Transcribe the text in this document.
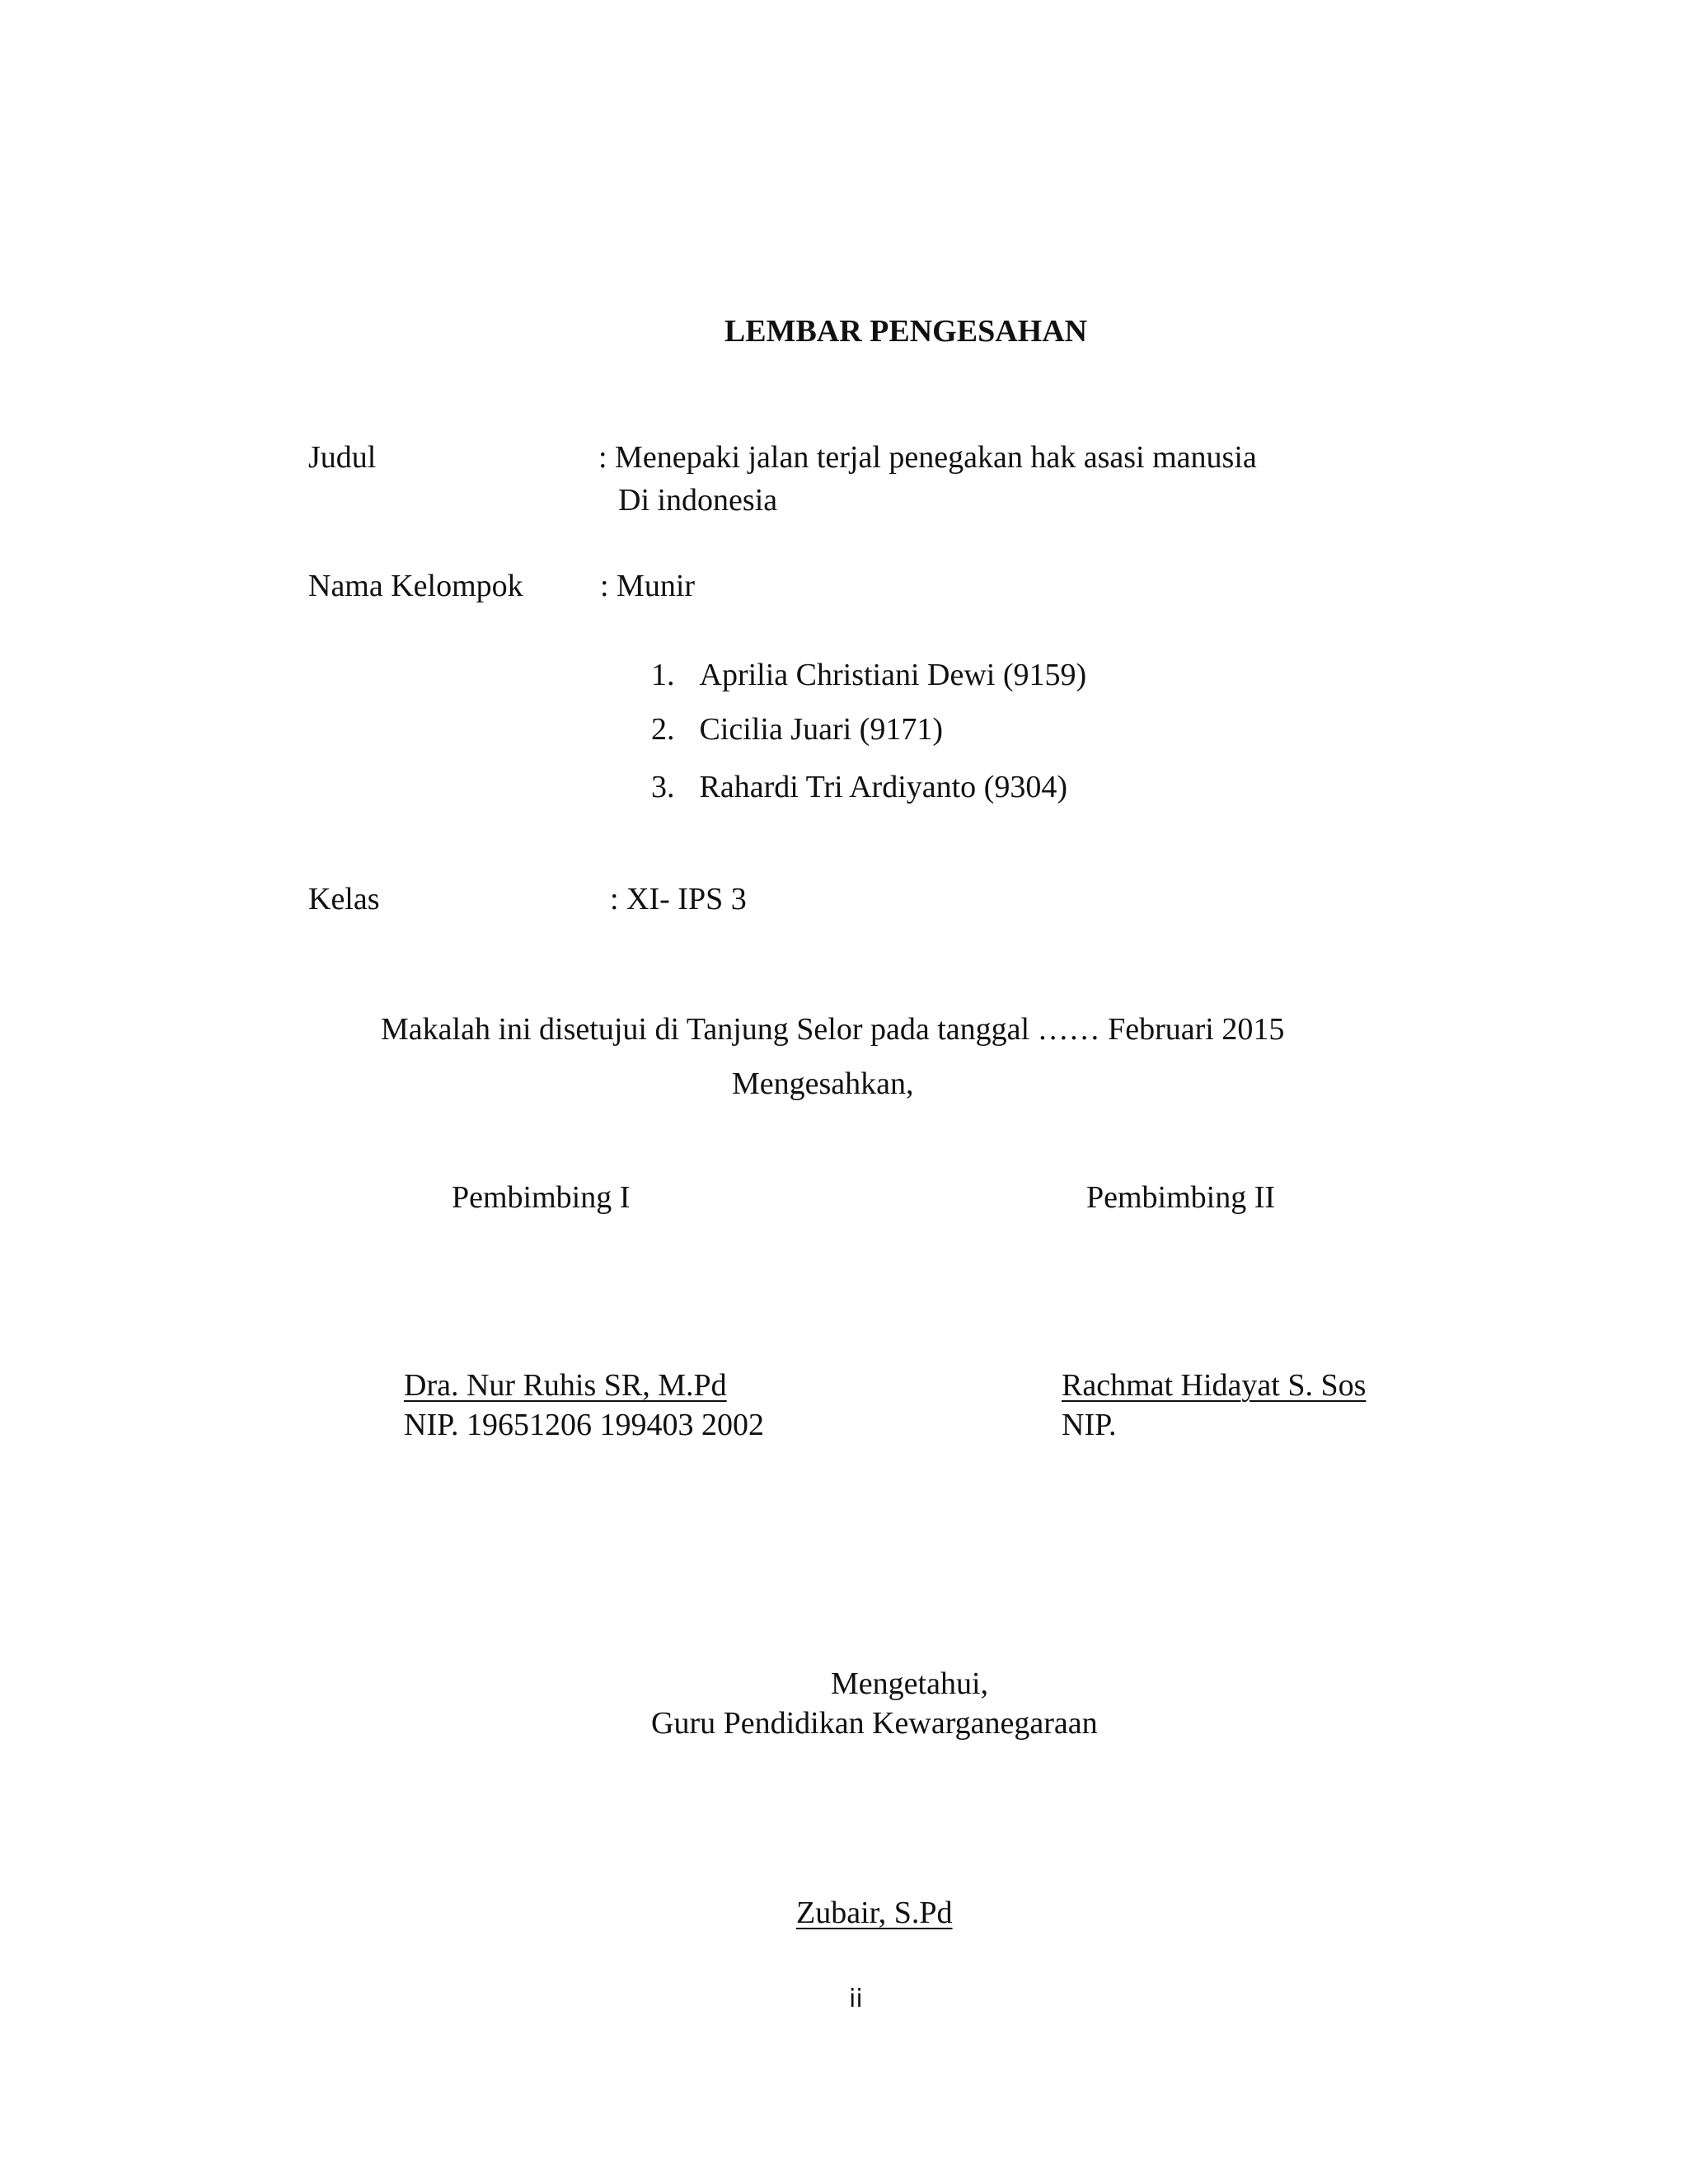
LEMBAR PENGESAHAN
Judul	: Menepaki jalan terjal penegakan hak asasi manusia
Di indonesia
Nama Kelompok : Munir
1. Aprilia Christiani Dewi (9159)
2. Cicilia Juari (9171)
3. Rahardi Tri Ardiyanto (9304)
Kelas	: XI- IPS 3
Makalah ini disetujui di Tanjung Selor pada tanggal …… Februari 2015
Mengesahkan,
Pembimbing I	Pembimbing II
Dra. Nur Ruhis SR, M.Pd
NIP. 19651206 199403 2002
Rachmat Hidayat S. Sos
NIP.
Mengetahui,
Guru Pendidikan Kewarganegaraan
Zubair, S.Pd
ii
